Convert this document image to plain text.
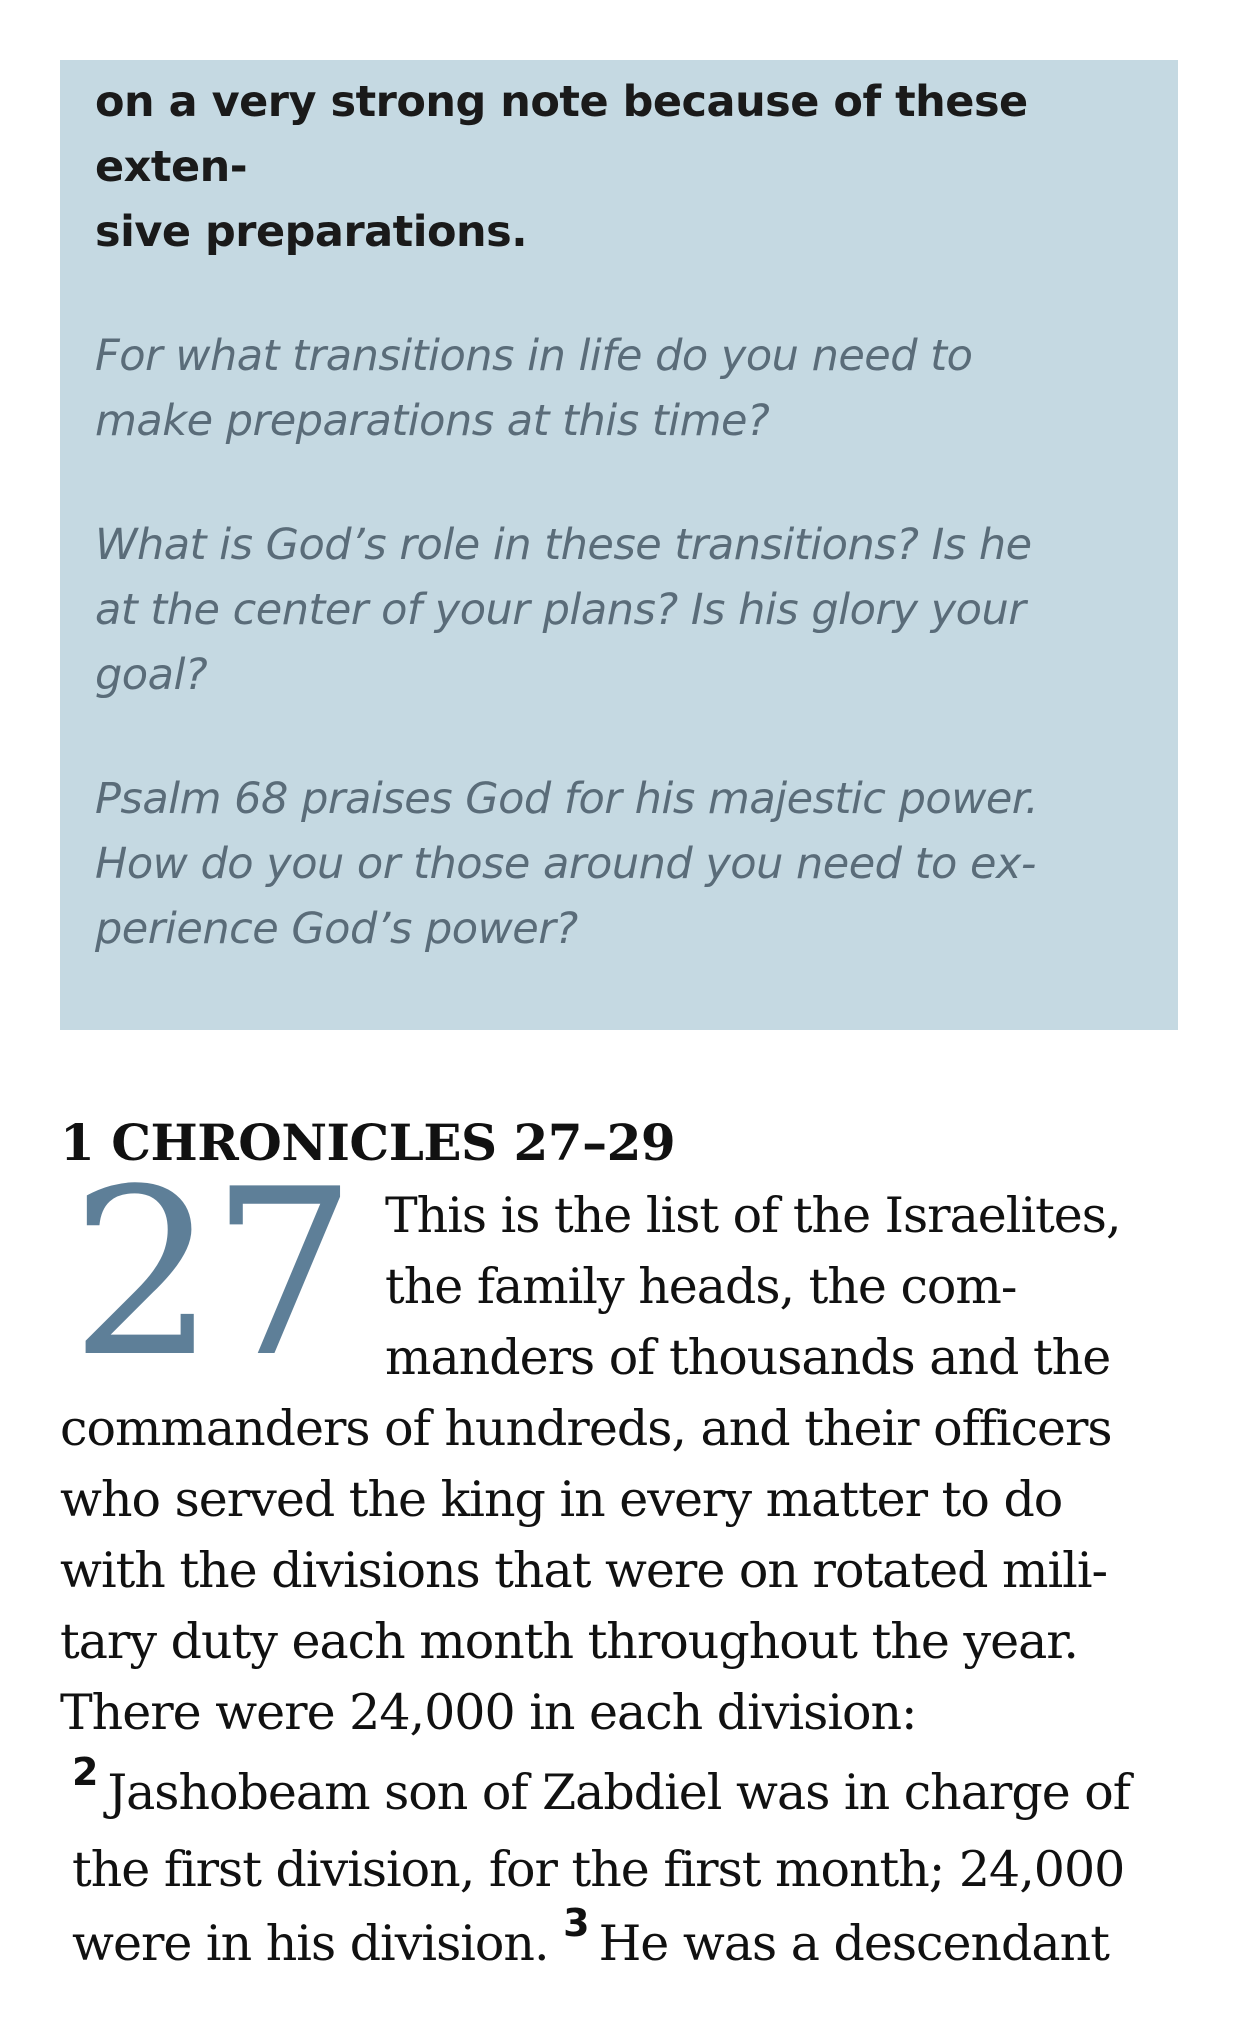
on a very strong note because of these exten-
sive preparations.

For what transitions in life do you need to
make preparations at this time?

What is God’s role in these transitions? Is he
at the center of your plans? Is his glory your
goal?

Psalm 68 praises God for his majestic power.
How do you or those around you need to ex-
perience God’s power?

1 CHRONICLES 27–29
27 This is the list of the Israelites,
the family heads, the com-
manders of thousands and the

commanders of hundreds, and their officers
who served the king in every matter to do
with the divisions that were on rotated mili-
tary duty each month throughout the year.
There were 24,000 in each division:

$^2$ Jashobeam son of Zabdiel was in charge of
the first division, for the first month; 24,000
were in his division. $^3$ He was a descendant
